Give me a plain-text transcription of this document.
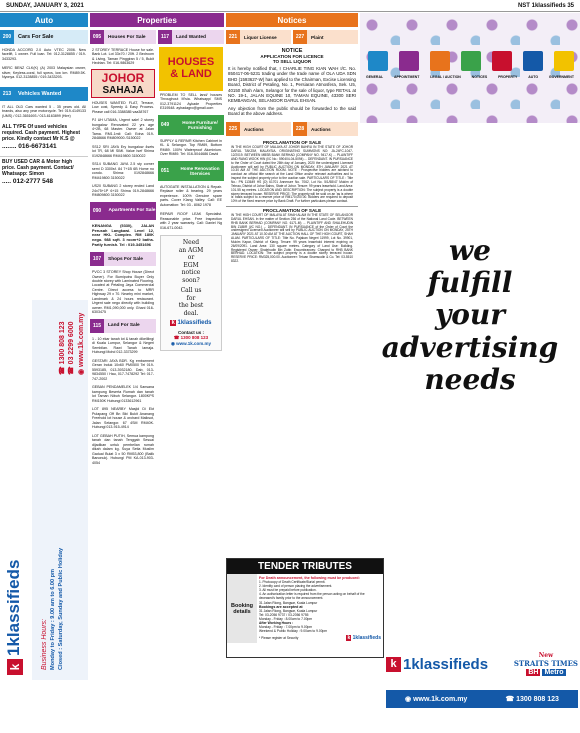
SUNDAY, JANUARY 3, 2021	NST 1klassifieds 35
Auto
200	Cars For Sale
HONDA ACCORD 2.0 Auto VTEC 2006. New facelift, 1 owner. Full loan. Tel: 012-3128855 / 019-3433293.
MERC BENZ CLK(K) (A) 2003 Malaysian owner, silver, Keyless-coral, full specs, low km. RM89.5K. Nyonya. 012-3128855 / 019-3433293.
213	Vehicles Wanted
IT ALL OLD Cars wanted 5 - 35 years old. All brands, also any year motorcycle. Tel: 019-4149133 (UMS) / 012-3651693 / 013-6163899 (Hire)
ALL TYPE Of used vehicles required. Cash payment. Highest price. Kindly contact Mr K.S @
........ 016-6673141
BUY USED CAR & Motor high price. Cash payment. Contact/ Whatsapp: Simon
..... 012-2777 548
k1klassifieds	Business Hours: Monday to Friday : 9.00 am to 6.00 pm Closed : Saturday, Sunday and Public Holiday
☎ 1300 808 123
☎ 03 2299 6000
◉ www.1k.com.my
Properties
095	Houses For Sale
2 STOREY TERRACE House for sale. Bank Lot. Lot 33x70 / 20ft. 2 Bedroom & Living, Taman Pinggiran 5 / 5, Bukit Hedrian. Tel: 016-9863629
JOHOR
SAHAJA
HOUSES WANTED FLAT, Terrace, Low cost, Speedy & Easy Process. Please call 016-3388385 vaa38767
PJ UH UTAMA, Urgent sale! 2 storey bungalow Renovated 22 yrs age 4+2B, 68 Master. Owner at Jalan Tama. RM1.1mil: Call: Edna 019-2848666 RM809000 /3150022
SS12 SRI JAYA Ery bungalow 4sets lot 7R, 68 MI SIMI. Value Isef Shima 0192848666 RM419800 3150022
SS14 SUBANG JAYA 2.5 sty corner semi D 3300sf. 84 7+1B 6B Home no condo. Shima: 0192848666 RM419800 3150022
US20 SUBANG 2 storey ended Land 24x75+1P 6+15 Shima 019-2848666 RM809800 3150022
090	Apartments For Sale
KENANGA (5330), JALAN Perusah Langkawi. Level 12, near HKL Complex. RM 180K nego. 988 sqft. 3 room+2 baths. Partly furnish. Tel : 019-3451696
107	Shops For Sale
PVCC 3 STOREY Shop House (Direct Owner). For Bumiputra Buyer Only double storey with Laminated Flooring. Located at Petaling Jaya Commercial Centre. Direct access to MRR Highway 29 x 70. Nearby mini market, Landmark & 24 hours restaurant. Urgent sale nego directly with building owner. RM1,090,000 only. Ghani 016-6303475
115	Land For Sale
1 - 10 ekar tanah lot & tanah dikelilingi di Kuala Lumpur, Selangor & Negeri Sembilan. Rawi Tanah lamaja. Hubungi Mohd 012-3373299
GESTARI JAYA BDR. Kg embarment Geran Induk 10x60 PM0500 Tel 019-5593185, 013-3932180. Dab, 013-9834550 / Hau, 017-7478292 Tel: 017-747-2002
GEBAN PENDAMELEK 1/4 Sansana kampung Beserta Rumah dan tanah lot Taman Nibuh Selangor. 1800KPS RM150K Hubungi 0133612961
LOT 895 NEARBY Masjid Di Ekt Pulapang Off Bn Bkt Bukit Ananang Freehold lot house & orchard Maiksot, Jalan Selangor. 67 4SM RM40K. Hubungi 013-915-4914
LOT GEBAH PUTIH, Semua kampong tanah dan tanah Tenggab Sesuai dijadikan untuk pembelian rumah dikah dalam kg. Suya Setia Muslim Gadual Bulat 3 x 50 RM53,800 (Balik Banonuk). Hubungi PM KA-013-903-4054
117	Land Wanted
HOUSES & LAND
PROBLEM TO SELL land/ houses Throughout M'sia. Whatsapp/ SMS 012-3791124 Aykade Properties E319548. ayhadagro@gmail.com
049	Home Furniture/ Furnishing
SUPPLY & REPAIR Kitchen Cabinet in KL & Selangor. Top RM89, Bottom RM89. 100% Waterproof Aluminium. Over RM89. Tel: 016-5044686 David
051	Home Renovation /Services
AUTOGATE INSTALLATION & Repair. Replace roller & bearing. 29 years experience. 100% Genuine spare parts. Cover Klang Valley. Call: EE Automation: Tel: 03 - 8062 1978
REPAIR ROOF LEAK Specialist. Reasonable price. Free Inspection with 2 year warranty. Call: Daniel Ng 016-671-0042.
Need
an AGM
or
EGM
notice
soon?
Call us
for
the best
deal.
k 1klassifieds
Contact us :
☎ 1300 808 123
◉ www.1k.com.my
Notices
221	Liquor License	227	Plaint
NOTICE
APPLICATION FOR LICENCE
TO SELL LIQUOR
It is hereby notified that, I CHARLIE TING KIAN WAH I/C. No. 850417-06-5231 trading under the trade name of OLA UDA SDN BHD (1593627-W) has applied to the Chairman, Excise Licensing Board, District of Petaling, No. 1, Persiaran Atmosfera, Sek. U5, 40150 Shah Alam, Selangor for the sale of liquor, type RETAIL at NO. 19-1, JALAN EQUINE 10, TAMAN EQUINE, 43300 SERI KEMBANGAN, SELANGOR DARUL EHSAN.
Any objection from the public should be forwarded to the said Board at the above address.
225	Auctions	228	Auctions
PROCLAMATION OF SALE
IN THE HIGH COURT OF MALAYA AT JOHOR BAHRU IN THE STATE OF JOHOR DARUL TAKZIM, MALAYSIA. ORIGINATING SUMMONS NO: JA-24FC-1047-12/2019. BETWEEN MBSB BANK BERHAD (COMPANY NO. 9417-K) ... PLAINTIFF AND RANG WOOK HIN (I/C No.: 590404-04-5094) ... DEFENDANT. IN PURSUANCE to the Order of Court dated the 28th day of January, 2020 the undersigned Licensed Auctioneer will sell by PUBLIC AUCTION ON MONDAY, 8TH JANUARY 2021 AT 10.30 AM AT THE AUCTION ROOM. NOTE : Prospective bidders are advised to conduct an official title search at the Land Office and/or relevant authorities and to inspect the subject property prior to the auction sale. PARTICULARS OF TITLE : Title No.: PN 113649 HS (D) 61701 Annexure No. 7062, Lot No. 5/1/58/47 Mukim of Tebrau, District of Johor Bahru, State of Johor. Tenure: 99 years leasehold. Land Area: 101.55 sq metres. LOCATION AND DESCRIPTION: The subject property is a double storey terraced house. RESERVE PRICE: The property will be sold on an 'as is where is' basis subject to a reserve price of RM170,000.00. Bidders are required to deposit 10% of the fixed reserve price by Bank Draft. For further particulars please contact.
PROCLAMATION OF SALE
IN THE HIGH COURT OF MALAYA AT SHAH ALAM IN THE STATE OF SELANGOR DARUL EHSAN. In the matter of Section 256 of the National Land Code. BETWEEN RHB BANK BERHAD (COMPANY NO. 6171-M) ... PLAINTIFF AND SHALEHUDIN BIN ZUBIR (I/C NO.) ... DEFENDANT. IN PURSUANCE of the Order of Court the undersigned Licensed Auctioneer will sell by PUBLIC AUCTION ON MONDAY, 25TH JANUARY 2021 AT 10.30 AM AT THE AUCTION HALL OF THE HIGH COURT, SHAH ALAM. PARTICULARS OF TITLE: Title No. Pajakan Negeri 11999, Lot No. 39901, Mukim Kapar, District of Klang. Tenure: 99 years leasehold interest expiring on 26/09/2091. Land Area: 130 square metres. Category of Land Use: Building. Registered Owner: Shalehudin Bin Zubir. Encumbrances: Charged to RHB BANK BERHAD. LOCATION: The subject property is a double storey terraced house. RESERVE PRICE: RM325,000.00. Auctioneer: Tetuan Shamsudin & Co. Tel: 03-5510 8322.
GENERAL	APPOINTMENT	LEGAL / AUCTION	NOTICES	PROPERTY	AUTO	GOVERNMENT
we
fulfill
your
advertising
needs
TENDER TRIBUTES
Booking
details
For Death announcement, the following must be produced:
1. Photocopy of Death Certificate/Burial permit.
2. Identity card of person placing the advertisement.
3. All must be prepaid before publication.
4. An authorization letter is required from the person acting on behalf of the deceased's family prior to the announcement.
31 Jalan Riong, Bangsar, Kuala Lumpur
Bookings are accepted at
31 Jalan Riong, Bangsar, Kuala Lumpur
Tel: 03-2056 9737 / 03-2056 9755
Monday - Friday : 8.00am to 7.00pm
After Working Hours :
Monday - Friday : 7.00pm to 9.00pm
Weekend & Public Holiday : 9.00am to 9.00pm
* Please register at Security	k 1klassifieds
k 1klassifieds	New
STRAITS TIMES
BH Metro
◉ www.1k.com.my	☎ 1300 808 123
